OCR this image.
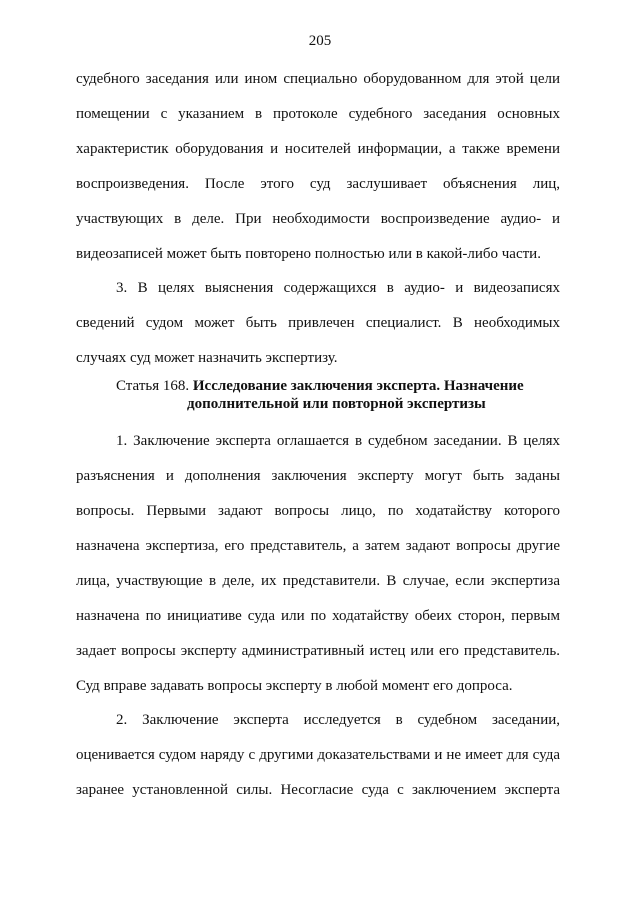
205
судебного заседания или ином специально оборудованном для этой цели
помещении с указанием в протоколе судебного заседания основных
характеристик оборудования и носителей информации, а также времени
воспроизведения. После этого суд заслушивает объяснения лиц,
участвующих в деле. При необходимости воспроизведение аудио- и
видеозаписей может быть повторено полностью или в какой-либо части.
3. В целях выяснения содержащихся в аудио- и видеозаписях
сведений судом может быть привлечен специалист. В необходимых
случаях суд может назначить экспертизу.
Статья 168. Исследование заключения эксперта. Назначение
дополнительной или повторной экспертизы
1. Заключение эксперта оглашается в судебном заседании. В целях
разъяснения и дополнения заключения эксперту могут быть заданы
вопросы. Первыми задают вопросы лицо, по ходатайству которого
назначена экспертиза, его представитель, а затем задают вопросы другие
лица, участвующие в деле, их представители. В случае, если экспертиза
назначена по инициативе суда или по ходатайству обеих сторон, первым
задает вопросы эксперту административный истец или его представитель.
Суд вправе задавать вопросы эксперту в любой момент его допроса.
2. Заключение эксперта исследуется в судебном заседании,
оценивается судом наряду с другими доказательствами и не имеет для суда
заранее установленной силы. Несогласие суда с заключением эксперта
